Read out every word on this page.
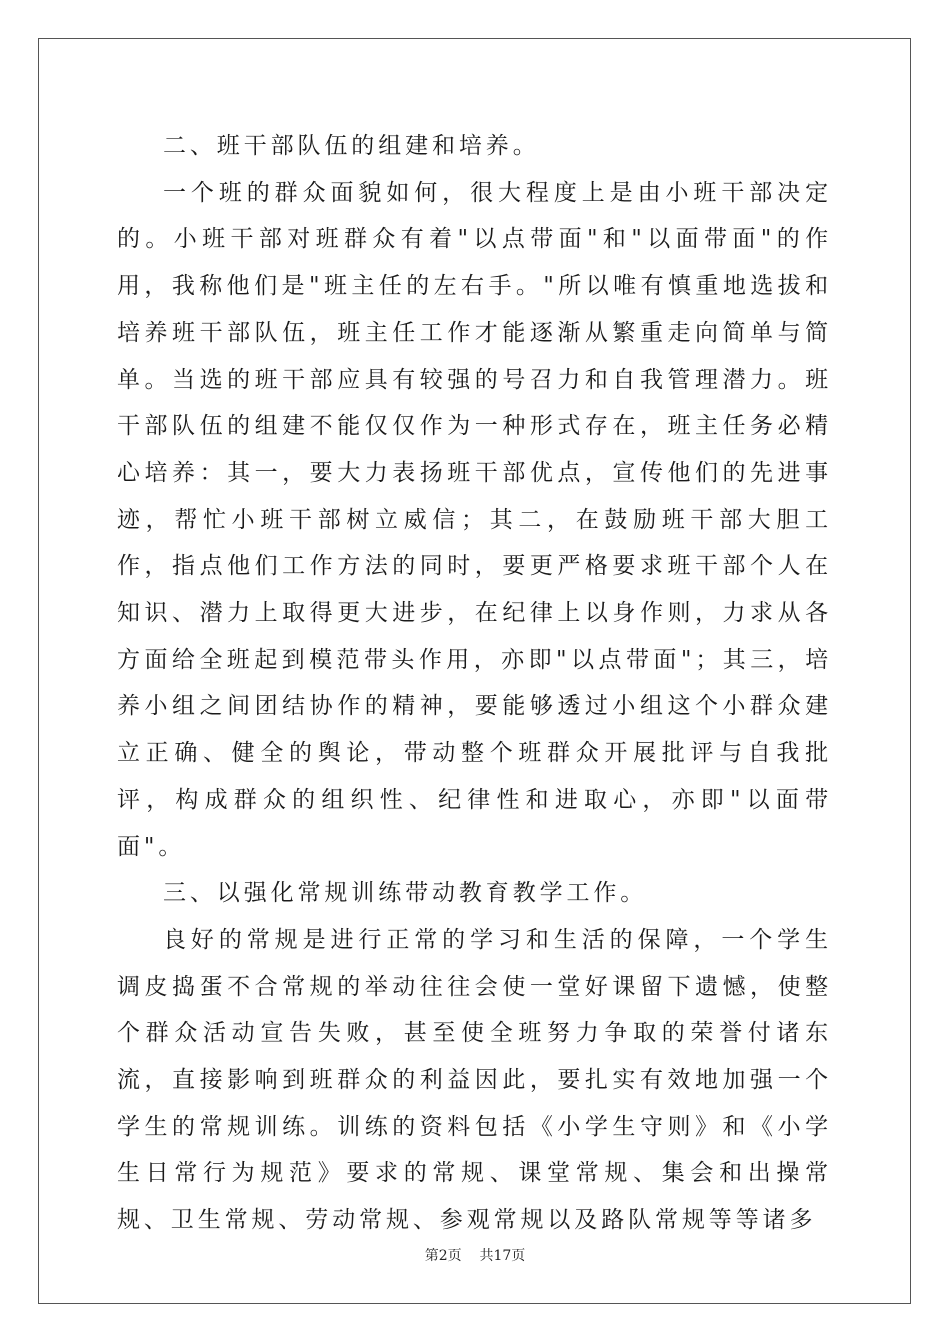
二、班干部队伍的组建和培养。

一个班的群众面貌如何，很大程度上是由小班干部决定的。小班干部对班群众有着"以点带面"和"以面带面"的作用，我称他们是"班主任的左右手。"所以唯有慎重地选拔和培养班干部队伍，班主任工作才能逐渐从繁重走向简单与简单。当选的班干部应具有较强的号召力和自我管理潜力。班干部队伍的组建不能仅仅作为一种形式存在，班主任务必精心培养：其一，要大力表扬班干部优点，宣传他们的先进事迹，帮忙小班干部树立威信；其二，在鼓励班干部大胆工作，指点他们工作方法的同时，要更严格要求班干部个人在知识、潜力上取得更大进步，在纪律上以身作则，力求从各方面给全班起到模范带头作用，亦即"以点带面"；其三，培养小组之间团结协作的精神，要能够透过小组这个小群众建立正确、健全的舆论，带动整个班群众开展批评与自我批评，构成群众的组织性、纪律性和进取心，亦即"以面带面"。

三、以强化常规训练带动教育教学工作。

良好的常规是进行正常的学习和生活的保障，一个学生调皮捣蛋不合常规的举动往往会使一堂好课留下遗憾，使整个群众活动宣告失败，甚至使全班努力争取的荣誉付诸东流，直接影响到班群众的利益因此，要扎实有效地加强一个学生的常规训练。训练的资料包括《小学生守则》和《小学生日常行为规范》要求的常规、课堂常规、集会和出操常规、卫生常规、劳动常规、参观常规以及路队常规等等诸多

第2页    共17页
